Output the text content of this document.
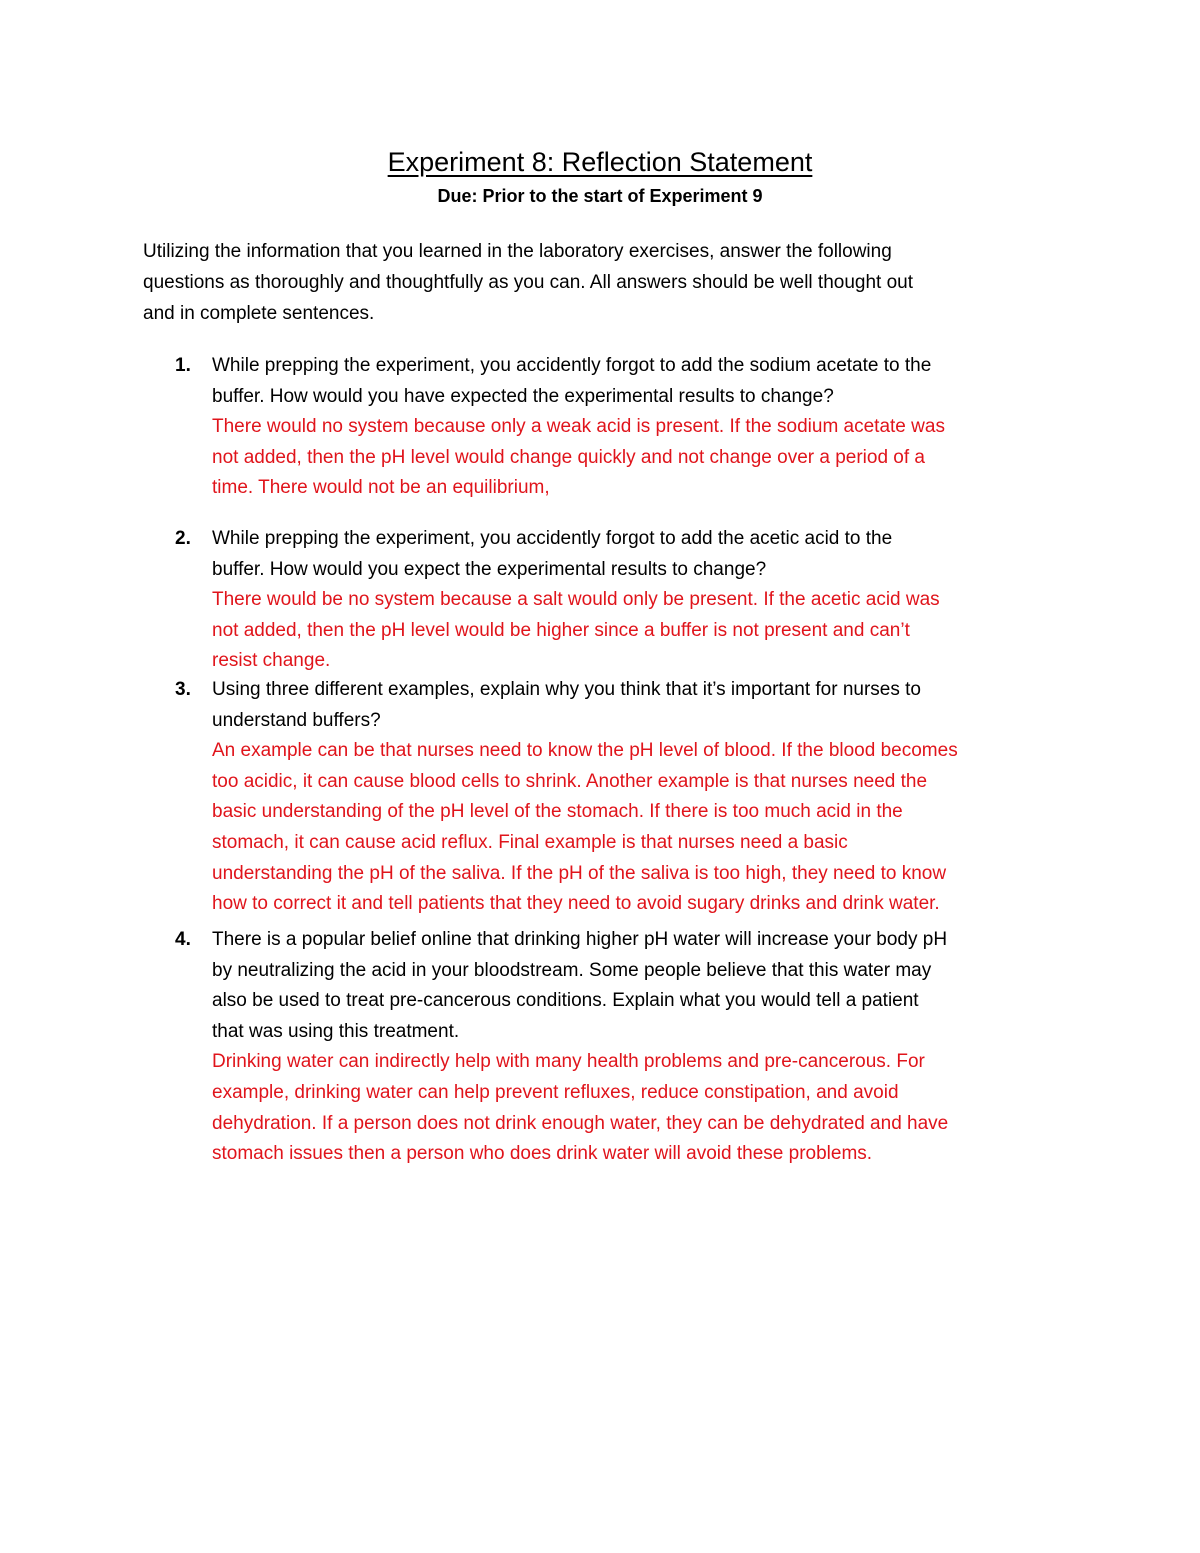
Experiment 8: Reflection Statement
Due: Prior to the start of Experiment 9
Utilizing the information that you learned in the laboratory exercises, answer the following
questions as thoroughly and thoughtfully as you can. All answers should be well thought out
and in complete sentences.
1. While prepping the experiment, you accidently forgot to add the sodium acetate to the
buffer. How would you have expected the experimental results to change?
There would no system because only a weak acid is present. If the sodium acetate was
not added, then the pH level would change quickly and not change over a period of a
time. There would not be an equilibrium,
2. While prepping the experiment, you accidently forgot to add the acetic acid to the
buffer. How would you expect the experimental results to change?
There would be no system because a salt would only be present. If the acetic acid was
not added, then the pH level would be higher since a buffer is not present and can’t
resist change.
3. Using three different examples, explain why you think that it’s important for nurses to
understand buffers?
An example can be that nurses need to know the pH level of blood. If the blood becomes
too acidic, it can cause blood cells to shrink. Another example is that nurses need the
basic understanding of the pH level of the stomach. If there is too much acid in the
stomach, it can cause acid reflux. Final example is that nurses need a basic
understanding the pH of the saliva. If the pH of the saliva is too high, they need to know
how to correct it and tell patients that they need to avoid sugary drinks and drink water.
4. There is a popular belief online that drinking higher pH water will increase your body pH
by neutralizing the acid in your bloodstream. Some people believe that this water may
also be used to treat pre-cancerous conditions. Explain what you would tell a patient
that was using this treatment.
Drinking water can indirectly help with many health problems and pre-cancerous. For
example, drinking water can help prevent refluxes, reduce constipation, and avoid
dehydration. If a person does not drink enough water, they can be dehydrated and have
stomach issues then a person who does drink water will avoid these problems.
